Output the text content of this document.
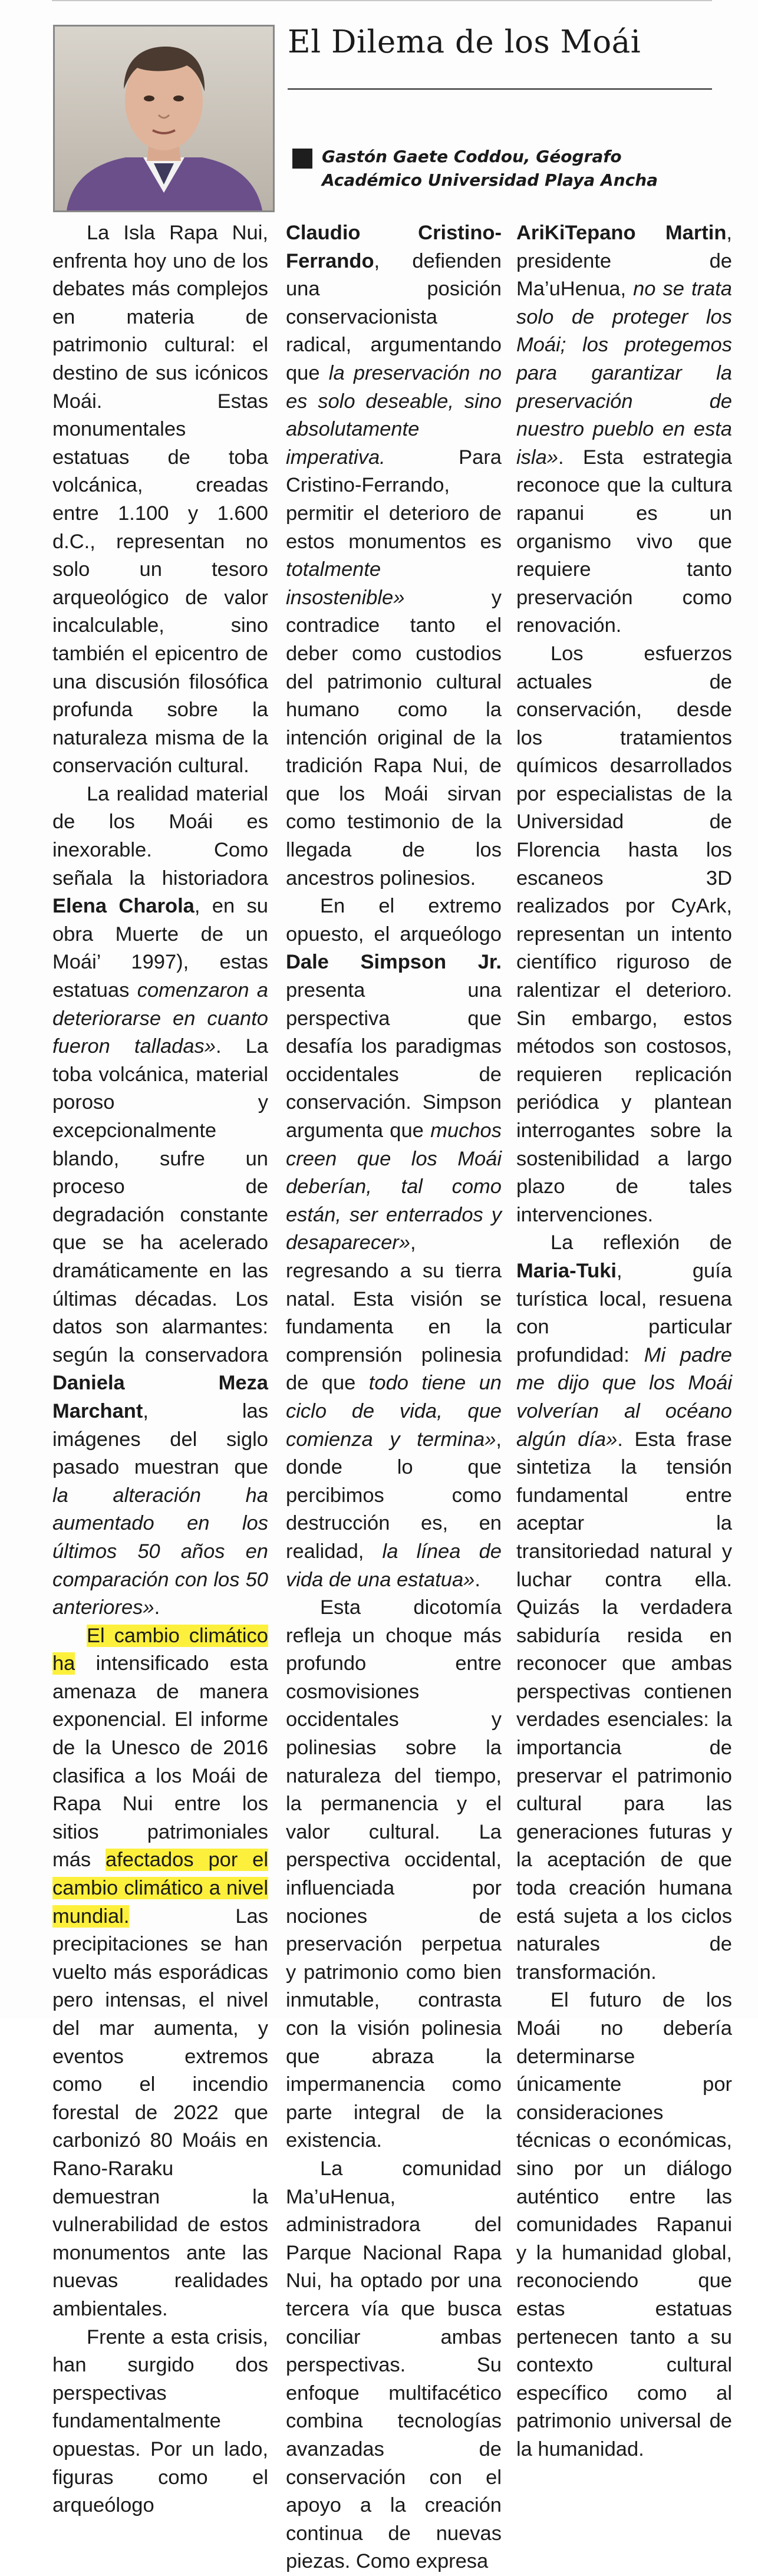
El Dilema de los Moái
Gastón Gaete Coddou, Géografo
Académico Universidad Playa Ancha

La Isla Rapa Nui, enfrenta hoy uno de los debates más complejos en materia de patrimonio cultural: el destino de sus icónicos Moái. Estas monumentales estatuas de toba volcánica, creadas entre 1.100 y 1.600 d.C., representan no solo un tesoro arqueológico de valor incalculable, sino también el epicentro de una discusión filosófica profunda sobre la naturaleza misma de la conservación cultural.

La realidad material de los Moái es inexorable. Como señala la historiadora Elena Charola, en su obra Muerte de un Moái’ 1997), estas estatuas comenzaron a deteriorarse en cuanto fueron talladas». La toba volcánica, material poroso y excepcionalmente blando, sufre un proceso de degradación constante que se ha acelerado dramáticamente en las últimas décadas. Los datos son alarmantes: según la conservadora Daniela Meza Marchant, las imágenes del siglo pasado muestran que la alteración ha aumentado en los últimos 50 años en comparación con los 50 anteriores».

El cambio climático ha intensificado esta amenaza de manera exponencial. El informe de la Unesco de 2016 clasifica a los Moái de Rapa Nui entre los sitios patrimoniales más afectados por el cambio climático a nivel mundial. Las precipitaciones se han vuelto más esporádicas pero intensas, el nivel del mar aumenta, y eventos extremos como el incendio forestal de 2022 que carbonizó 80 Moáis en Rano-Raraku demuestran la vulnerabilidad de estos monumentos ante las nuevas realidades ambientales.

Frente a esta crisis, han surgido dos perspectivas fundamentalmente opuestas. Por un lado, figuras como el arqueólogo

Claudio Cristino-Ferrando, defienden una posición conservacionista radical, argumentando que la preservación no es solo deseable, sino absolutamente imperativa. Para Cristino-Ferrando, permitir el deterioro de estos monumentos es totalmente insostenible» y contradice tanto el deber como custodios del patrimonio cultural humano como la intención original de la tradición Rapa Nui, de que los Moái sirvan como testimonio de la llegada de los ancestros polinesios.

En el extremo opuesto, el arqueólogo Dale Simpson Jr. presenta una perspectiva que desafía los paradigmas occidentales de conservación. Simpson argumenta que muchos creen que los Moái deberían, tal como están, ser enterrados y desaparecer», regresando a su tierra natal. Esta visión se fundamenta en la comprensión polinesia de que todo tiene un ciclo de vida, que comienza y termina», donde lo que percibimos como destrucción es, en realidad, la línea de vida de una estatua».

Esta dicotomía refleja un choque más profundo entre cosmovisiones occidentales y polinesias sobre la naturaleza del tiempo, la permanencia y el valor cultural. La perspectiva occidental, influenciada por nociones de preservación perpetua y patrimonio como bien inmutable, contrasta con la visión polinesia que abraza la impermanencia como parte integral de la existencia.

La comunidad Ma’uHenua, administradora del Parque Nacional Rapa Nui, ha optado por una tercera vía que busca conciliar ambas perspectivas. Su enfoque multifacético combina tecnologías avanzadas de conservación con el apoyo a la creación continua de nuevas piezas. Como expresa

AriKiTepano Martin, presidente de Ma’uHenua, no se trata solo de proteger los Moái; los protegemos para garantizar la preservación de nuestro pueblo en esta isla». Esta estrategia reconoce que la cultura rapanui es un organismo vivo que requiere tanto preservación como renovación.

Los esfuerzos actuales de conservación, desde los tratamientos químicos desarrollados por especialistas de la Universidad de Florencia hasta los escaneos 3D realizados por CyArk, representan un intento científico riguroso de ralentizar el deterioro. Sin embargo, estos métodos son costosos, requieren replicación periódica y plantean interrogantes sobre la sostenibilidad a largo plazo de tales intervenciones.

La reflexión de Maria-Tuki, guía turística local, resuena con particular profundidad: Mi padre me dijo que los Moái volverían al océano algún día». Esta frase sintetiza la tensión fundamental entre aceptar la transitoriedad natural y luchar contra ella. Quizás la verdadera sabiduría resida en reconocer que ambas perspectivas contienen verdades esenciales: la importancia de preservar el patrimonio cultural para las generaciones futuras y la aceptación de que toda creación humana está sujeta a los ciclos naturales de transformación.

El futuro de los Moái no debería determinarse únicamente por consideraciones técnicas o económicas, sino por un diálogo auténtico entre las comunidades Rapanui y la humanidad global, reconociendo que estas estatuas pertenecen tanto a su contexto cultural específico como al patrimonio universal de la humanidad.
